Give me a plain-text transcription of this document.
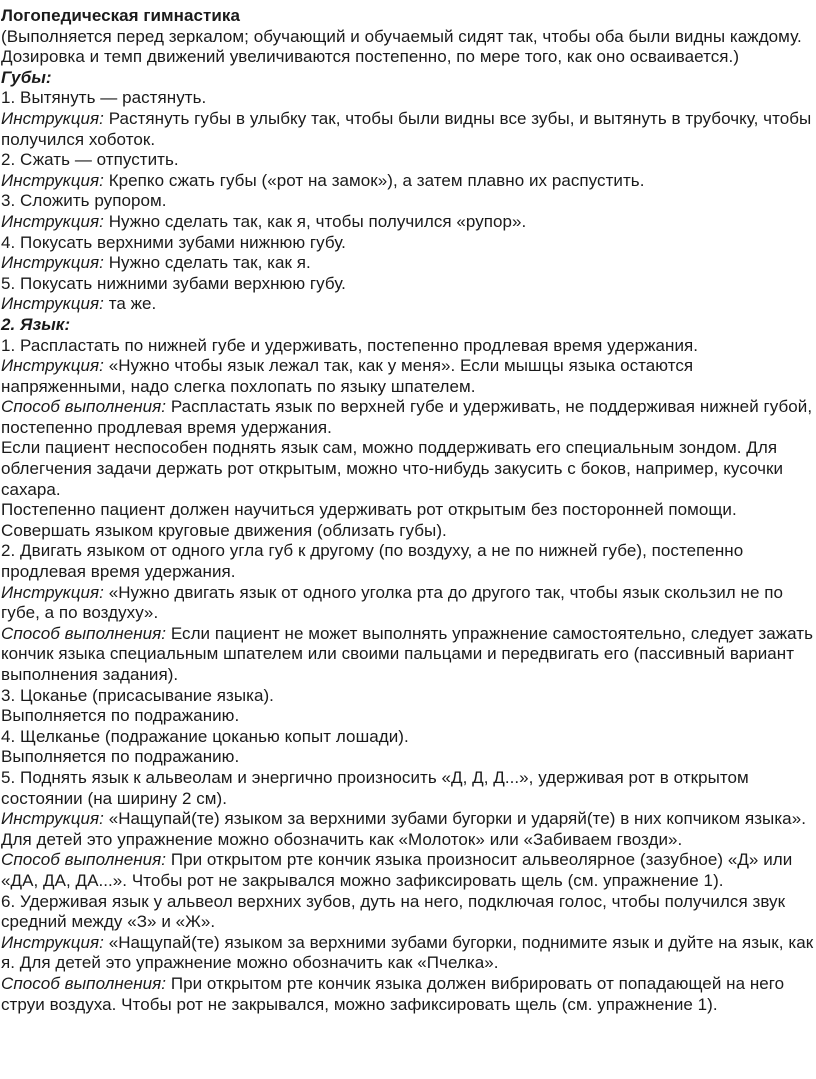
Логопедическая гимнастика

(Выполняется перед зеркалом; обучающий и обучаемый сидят так, чтобы оба были видны каждому. Дозировка и темп движений увеличиваются постепенно, по мере того, как оно осваивается.)

Губы:

1. Вытянуть — растянуть.

Инструкция: Растянуть губы в улыбку так, чтобы были видны все зубы, и вытянуть в трубочку, чтобы получился хоботок.

2. Сжать — отпустить.

Инструкция: Крепко сжать губы («рот на замок»), а затем плавно их распустить.

3. Сложить рупором.

Инструкция: Нужно сделать так, как я, чтобы получился «рупор».

4. Покусать верхними зубами нижнюю губу.

Инструкция: Нужно сделать так, как я.

5. Покусать нижними зубами верхнюю губу.

Инструкция: та же.

2. Язык:

1. Распластать по нижней губе и удерживать, постепенно продлевая время удержания.

Инструкция: «Нужно чтобы язык лежал так, как у меня». Если мышцы языка остаются напряженными, надо слегка похлопать по языку шпателем.

Способ выполнения: Распластать язык по верхней губе и удерживать, не поддерживая нижней губой, постепенно продлевая время удержания.

Если пациент неспособен поднять язык сам, можно поддерживать его специальным зондом. Для облегчения задачи держать рот открытым, можно что-нибудь закусить с боков, например, кусочки сахара.

Постепенно пациент должен научиться удерживать рот открытым без посторонней помощи.

Совершать языком круговые движения (облизать губы).

2. Двигать языком от одного угла губ к другому (по воздуху, а не по нижней губе), постепенно продлевая время удержания.

Инструкция: «Нужно двигать язык от одного уголка рта до другого так, чтобы язык скользил не по губе, а по воздуху».

Способ выполнения: Если пациент не может выполнять упражнение самостоятельно, следует зажать кончик языка специальным шпателем или своими пальцами и передвигать его (пассивный вариант выполнения задания).

3. Цоканье (присасывание языка).

Выполняется по подражанию.

4. Щелканье (подражание цоканью копыт лошади).

Выполняется по подражанию.

5. Поднять язык к альвеолам и энергично произносить «Д, Д, Д...», удерживая рот в открытом состоянии (на ширину 2 см).

Инструкция: «Нащупай(те) языком за верхними зубами бугорки и ударяй(те) в них копчиком языка». Для детей это упражнение можно обозначить как «Молоток» или «Забиваем гвозди».

Способ выполнения: При открытом рте кончик языка произносит альвеолярное (зазубное) «Д» или «ДА, ДА, ДА...». Чтобы рот не закрывался можно зафиксировать щель (см. упражнение 1).

6. Удерживая язык у альвеол верхних зубов, дуть на него, подключая голос, чтобы получился звук средний между «З» и «Ж».

Инструкция: «Нащупай(те) языком за верхними зубами бугорки, поднимите язык и дуйте на язык, как я. Для детей это упражнение можно обозначить как «Пчелка».

Способ выполнения: При открытом рте кончик языка должен вибрировать от попадающей на него струи воздуха. Чтобы рот не закрывался, можно зафиксировать щель (см. упражнение 1).
